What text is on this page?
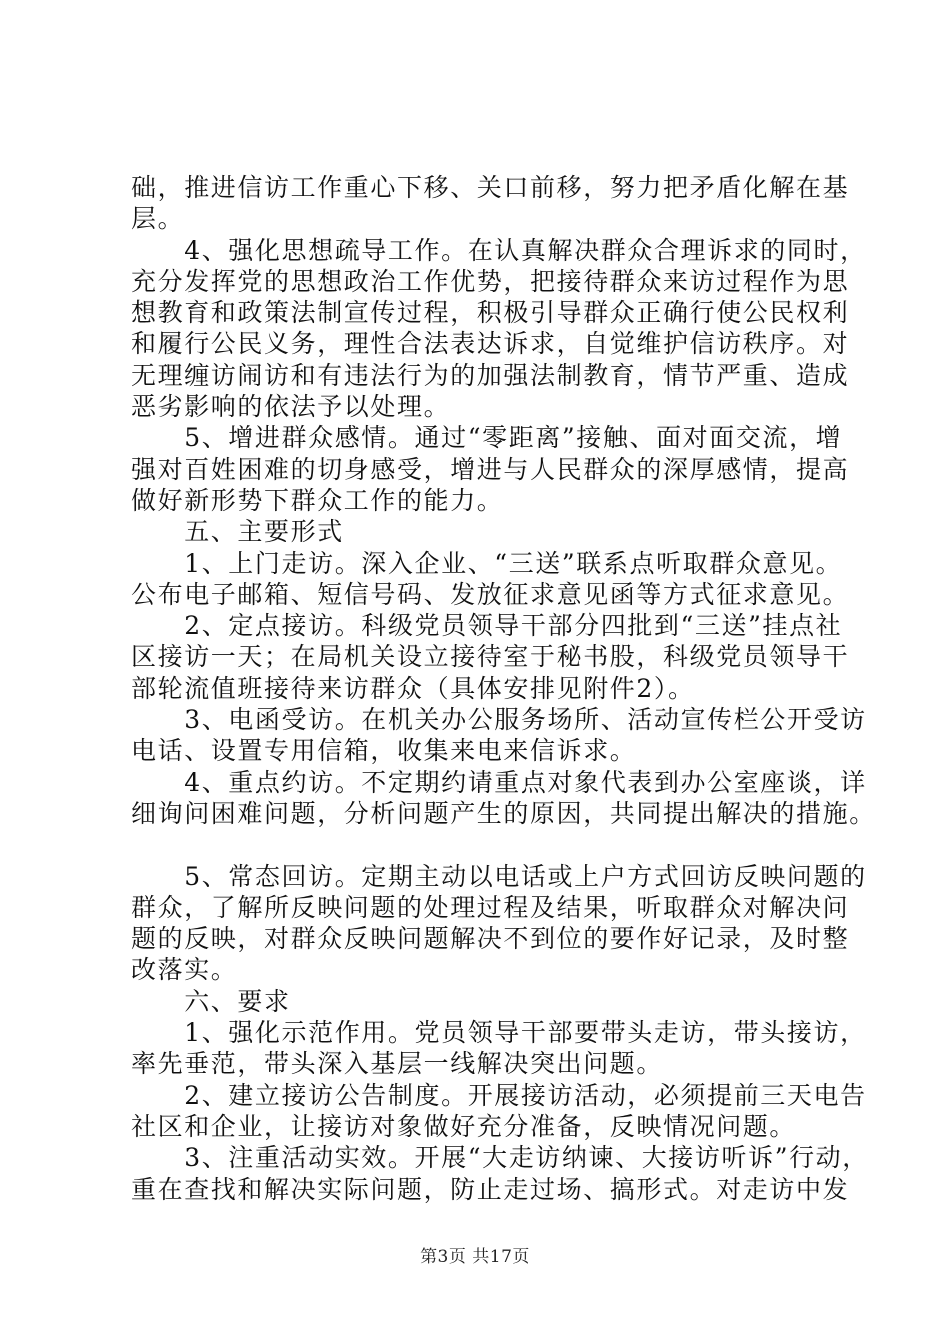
础，推进信访工作重心下移、关口前移，努力把矛盾化解在基
层。
　　4、强化思想疏导工作。在认真解决群众合理诉求的同时，
充分发挥党的思想政治工作优势，把接待群众来访过程作为思
想教育和政策法制宣传过程，积极引导群众正确行使公民权利
和履行公民义务，理性合法表达诉求，自觉维护信访秩序。对
无理缠访闹访和有违法行为的加强法制教育，情节严重、造成
恶劣影响的依法予以处理。
　　5、增进群众感情。通过“零距离”接触、面对面交流，增
强对百姓困难的切身感受，增进与人民群众的深厚感情，提高
做好新形势下群众工作的能力。
　　五、主要形式
　　1、上门走访。深入企业、“三送”联系点听取群众意见。
公布电子邮箱、短信号码、发放征求意见函等方式征求意见。
　　2、定点接访。科级党员领导干部分四批到“三送”挂点社
区接访一天；在局机关设立接待室于秘书股，科级党员领导干
部轮流值班接待来访群众（具体安排见附件2）。
　　3、电函受访。在机关办公服务场所、活动宣传栏公开受访
电话、设置专用信箱，收集来电来信诉求。
　　4、重点约访。不定期约请重点对象代表到办公室座谈，详
细询问困难问题，分析问题产生的原因，共同提出解决的措施。
　　5、常态回访。定期主动以电话或上户方式回访反映问题的
群众，了解所反映问题的处理过程及结果，听取群众对解决问
题的反映，对群众反映问题解决不到位的要作好记录，及时整
改落实。
　　六、要求
　　1、强化示范作用。党员领导干部要带头走访，带头接访，
率先垂范，带头深入基层一线解决突出问题。
　　2、建立接访公告制度。开展接访活动，必须提前三天电告
社区和企业，让接访对象做好充分准备，反映情况问题。
　　3、注重活动实效。开展“大走访纳谏、大接访听诉”行动，
重在查找和解决实际问题，防止走过场、搞形式。对走访中发
第3页 共17页
